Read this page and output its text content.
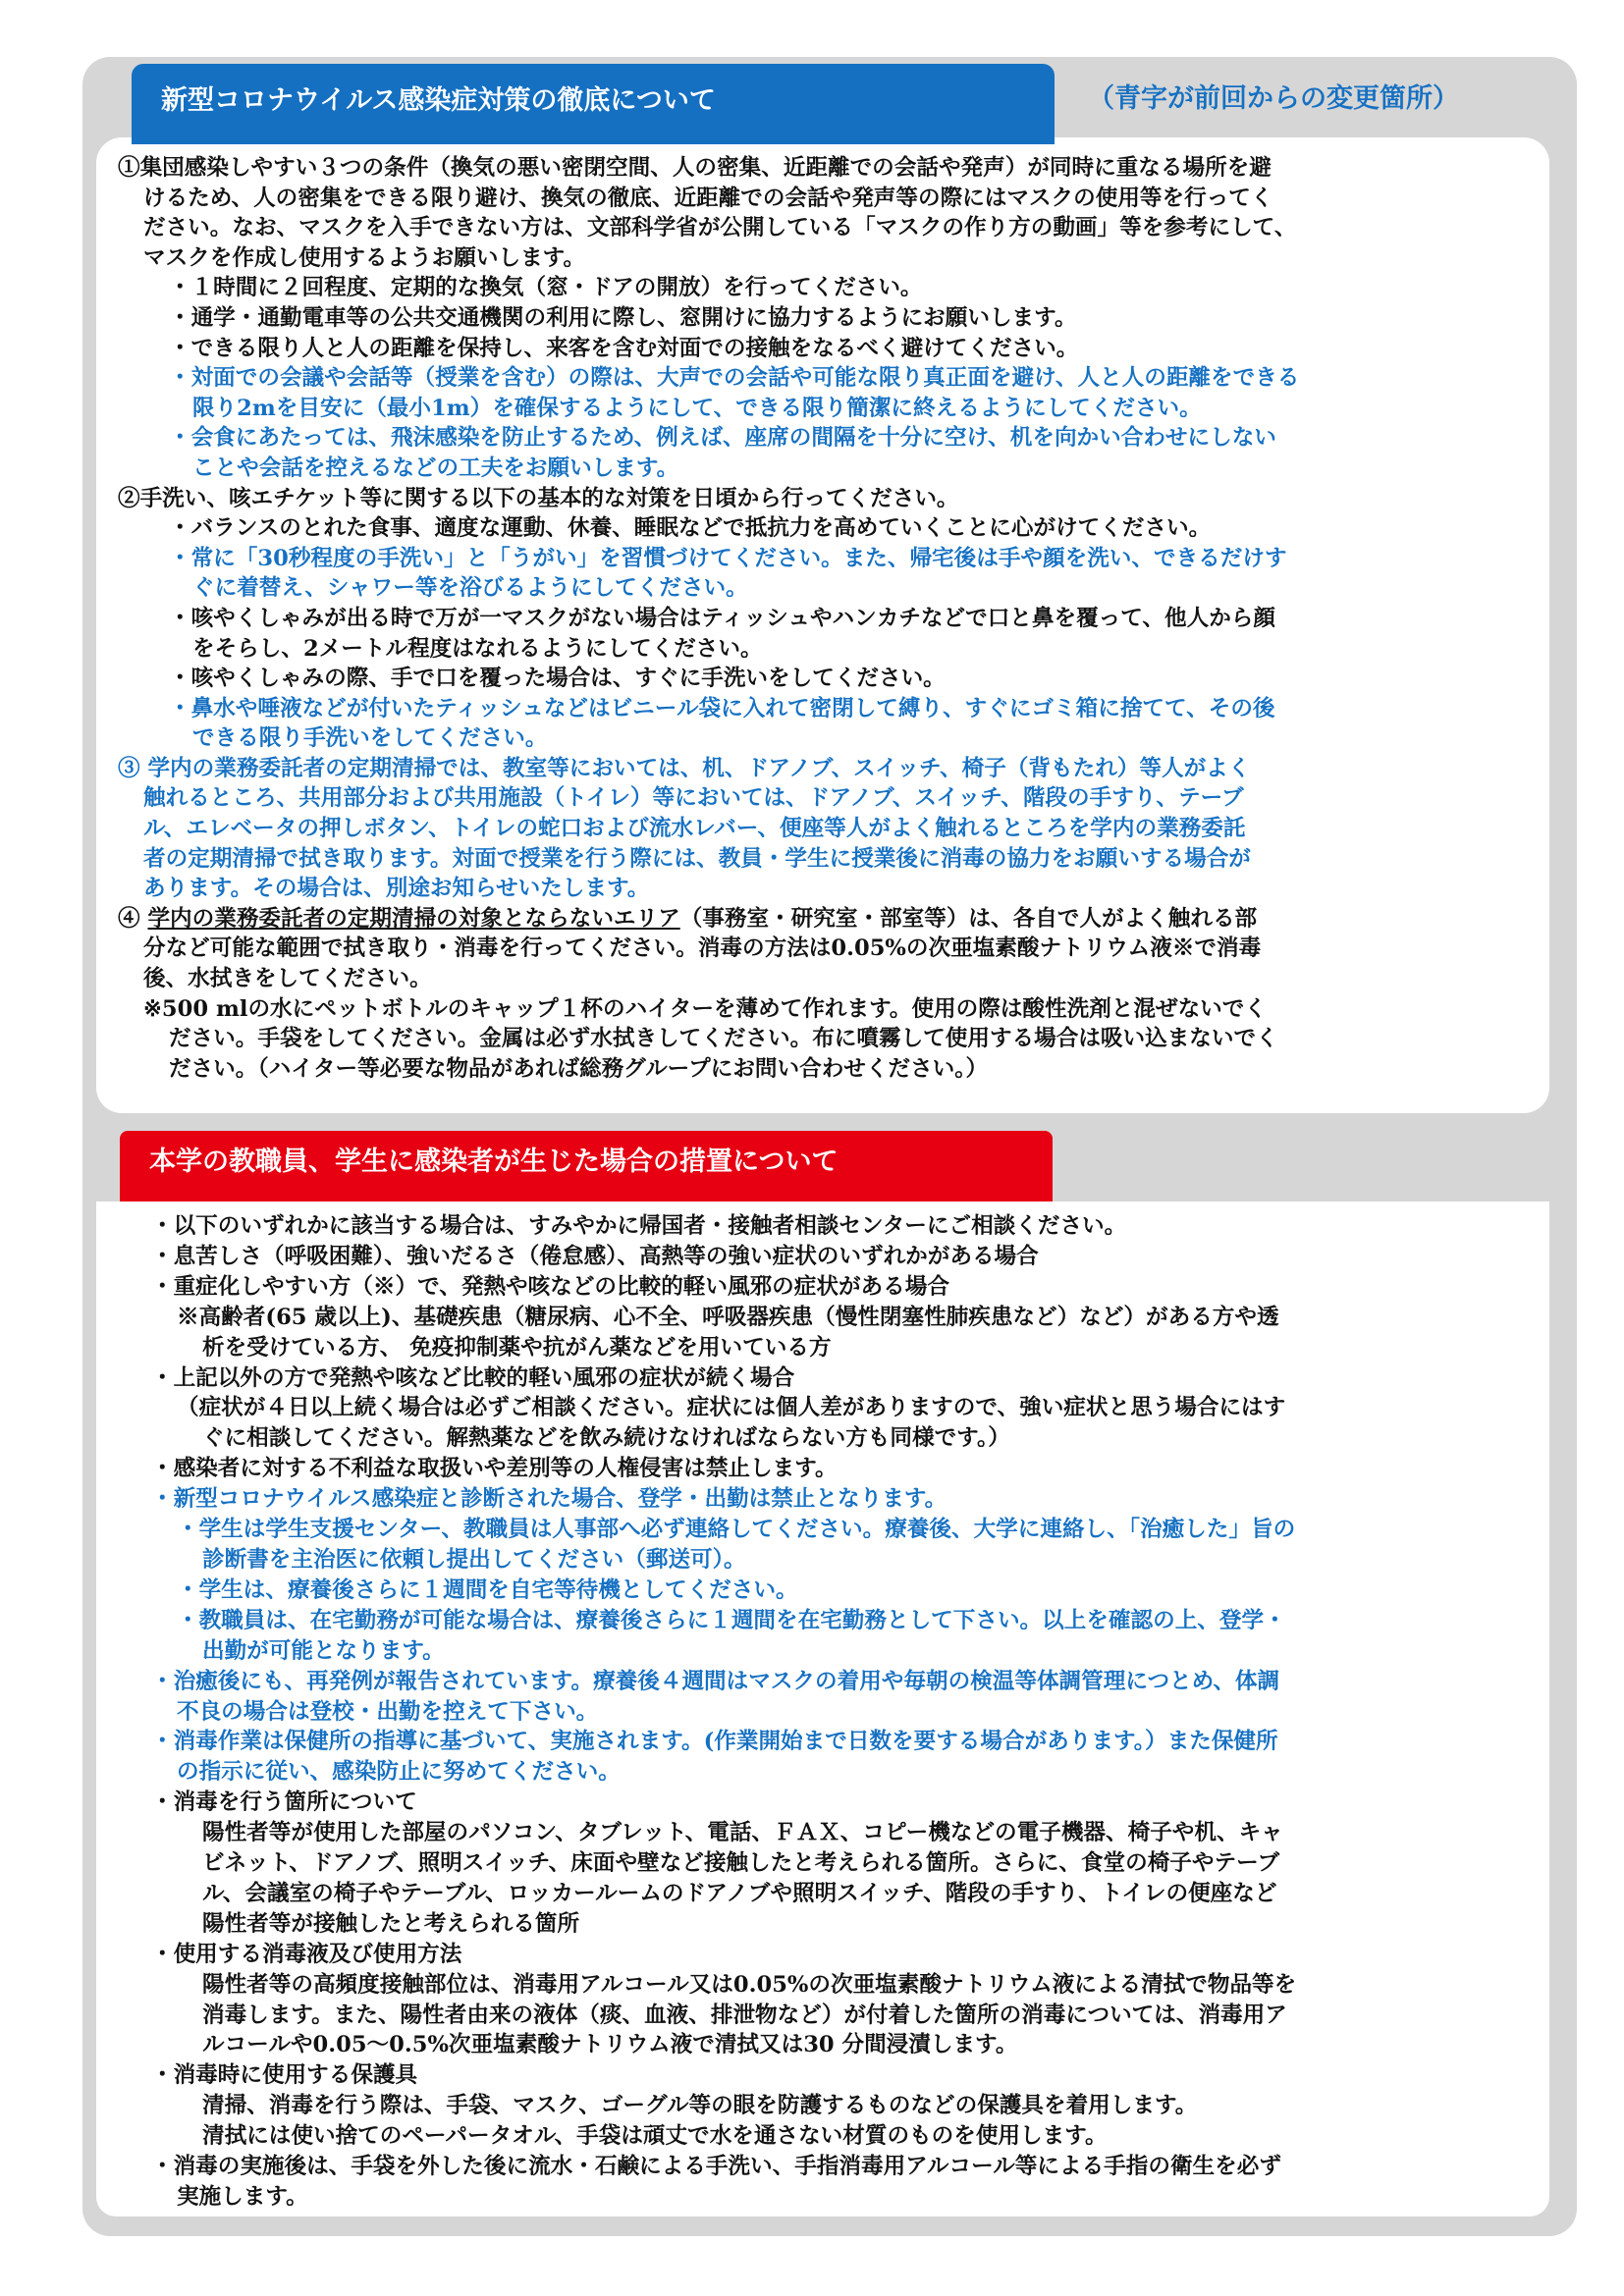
①集団感染しやすい３つの条件（換気の悪い密閉空間、人の密集、近距離での会話や発声）が同時に重なる場所を避
けるため、人の密集をできる限り避け、換気の徹底、近距離での会話や発声等の際にはマスクの使用等を行ってく
ださい。なお、マスクを入手できない方は、文部科学省が公開している「マスクの作り方の動画」等を参考にして、
マスクを作成し使用するようお願いします。
・１時間に２回程度、定期的な換気（窓・ドアの開放）を行ってください。
・通学・通勤電車等の公共交通機関の利用に際し、窓開けに協力するようにお願いします。
・できる限り人と人の距離を保持し、来客を含む対面での接触をなるべく避けてください。
・対面での会議や会話等（授業を含む）の際は、大声での会話や可能な限り真正面を避け、人と人の距離をできる
限り2mを目安に（最小1m）を確保するようにして、できる限り簡潔に終えるようにしてください。
・会食にあたっては、飛沫感染を防止するため、例えば、座席の間隔を十分に空け、机を向かい合わせにしない
ことや会話を控えるなどの工夫をお願いします。
②手洗い、咳エチケット等に関する以下の基本的な対策を日頃から行ってください。
・バランスのとれた食事、適度な運動、休養、睡眠などで抵抗力を高めていくことに心がけてください。
・常に「30秒程度の手洗い」と「うがい」を習慣づけてください。また、帰宅後は手や顔を洗い、できるだけす
ぐに着替え、シャワー等を浴びるようにしてください。
・咳やくしゃみが出る時で万が一マスクがない場合はティッシュやハンカチなどで口と鼻を覆って、他人から顔
をそらし、2メートル程度はなれるようにしてください。
・咳やくしゃみの際、手で口を覆った場合は、すぐに手洗いをしてください。
・鼻水や唾液などが付いたティッシュなどはビニール袋に入れて密閉して縛り、すぐにゴミ箱に捨てて、その後
できる限り手洗いをしてください。
③ 学内の業務委託者の定期清掃では、教室等においては、机、ドアノブ、スイッチ、椅子（背もたれ）等人がよく
触れるところ、共用部分および共用施設（トイレ）等においては、ドアノブ、スイッチ、階段の手すり、テーブ
ル、エレベータの押しボタン、トイレの蛇口および流水レバー、便座等人がよく触れるところを学内の業務委託
者の定期清掃で拭き取ります。対面で授業を行う際には、教員・学生に授業後に消毒の協力をお願いする場合が
あります。その場合は、別途お知らせいたします。
④ 学内の業務委託者の定期清掃の対象とならないエリア（事務室・研究室・部室等）は、各自で人がよく触れる部
分など可能な範囲で拭き取り・消毒を行ってください。消毒の方法は0.05%の次亜塩素酸ナトリウム液※で消毒
後、水拭きをしてください。
※500 mlの水にペットボトルのキャップ１杯のハイターを薄めて作れます。使用の際は酸性洗剤と混ぜないでく
ださい。手袋をしてください。金属は必ず水拭きしてください。布に噴霧して使用する場合は吸い込まないでく
ださい。（ハイター等必要な物品があれば総務グループにお問い合わせください。）
新型コロナウイルス感染症対策の徹底について	（青字が前回からの変更箇所）
・以下のいずれかに該当する場合は、すみやかに帰国者・接触者相談センターにご相談ください。
・息苦しさ（呼吸困難）、強いだるさ（倦怠感）、高熱等の強い症状のいずれかがある場合
・重症化しやすい方（※）で、発熱や咳などの比較的軽い風邪の症状がある場合
※高齢者(65 歳以上)、基礎疾患（糖尿病、心不全、呼吸器疾患（慢性閉塞性肺疾患など）など）がある方や透
析を受けている方、 免疫抑制薬や抗がん薬などを用いている方
・上記以外の方で発熱や咳など比較的軽い風邪の症状が続く場合
（症状が４日以上続く場合は必ずご相談ください。症状には個人差がありますので、強い症状と思う場合にはす
ぐに相談してください。解熱薬などを飲み続けなければならない方も同様です。）
・感染者に対する不利益な取扱いや差別等の人権侵害は禁止します。
・新型コロナウイルス感染症と診断された場合、登学・出勤は禁止となります。
・学生は学生支援センター、教職員は人事部へ必ず連絡してください。療養後、大学に連絡し、「治癒した」旨の
診断書を主治医に依頼し提出してください（郵送可）。
・学生は、療養後さらに１週間を自宅等待機としてください。
・教職員は、在宅勤務が可能な場合は、療養後さらに１週間を在宅勤務として下さい。以上を確認の上、登学・
出勤が可能となります。
・治癒後にも、再発例が報告されています。療養後４週間はマスクの着用や毎朝の検温等体調管理につとめ、体調
不良の場合は登校・出勤を控えて下さい。
・消毒作業は保健所の指導に基づいて、実施されます。(作業開始まで日数を要する場合があります。）また保健所
の指示に従い、感染防止に努めてください。
・消毒を行う箇所について
陽性者等が使用した部屋のパソコン、タブレット、電話、ＦＡＸ、コピー機などの電子機器、椅子や机、キャ
ビネット、ドアノブ、照明スイッチ、床面や壁など接触したと考えられる箇所。さらに、食堂の椅子やテーブ
ル、会議室の椅子やテーブル、ロッカールームのドアノブや照明スイッチ、階段の手すり、トイレの便座など
陽性者等が接触したと考えられる箇所
・使用する消毒液及び使用方法
陽性者等の高頻度接触部位は、消毒用アルコール又は0.05%の次亜塩素酸ナトリウム液による清拭で物品等を
消毒します。また、陽性者由来の液体（痰、血液、排泄物など）が付着した箇所の消毒については、消毒用ア
ルコールや0.05～0.5%次亜塩素酸ナトリウム液で清拭又は30 分間浸漬します。
・消毒時に使用する保護具
清掃、消毒を行う際は、手袋、マスク、ゴーグル等の眼を防護するものなどの保護具を着用します。
清拭には使い捨てのペーパータオル、手袋は頑丈で水を通さない材質のものを使用します。
・消毒の実施後は、手袋を外した後に流水・石鹸による手洗い、手指消毒用アルコール等による手指の衛生を必ず
実施します。
本学の教職員、学生に感染者が生じた場合の措置について
